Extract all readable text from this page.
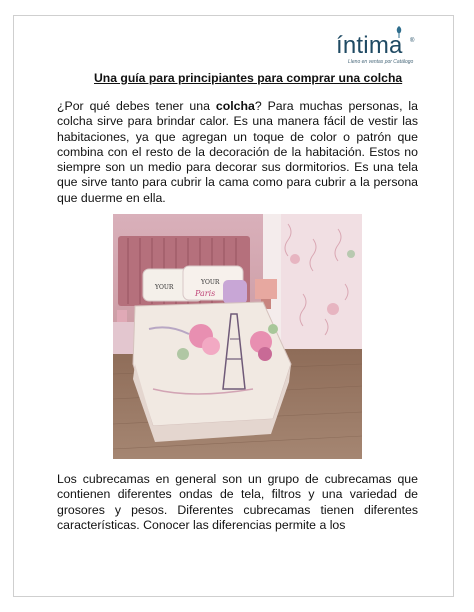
íntima ®
Lleno en ventas por Catálogo
Una guía para principiantes para comprar una colcha

¿Por qué debes tener una colcha? Para muchas personas, la colcha sirve para brindar calor. Es una manera fácil de vestir las habitaciones, ya que agregan un toque de color o patrón que combina con el resto de la decoración de la habitación. Estos no siempre son un medio para decorar sus dormitorios. Es una tela que sirve tanto para cubrir la cama como para cubrir a la persona que duerme en ella.

YOUR
Paris
YOUR

Los cubrecamas en general son un grupo de cubrecamas que contienen diferentes ondas de tela, filtros y una variedad de grosores y pesos. Diferentes cubrecamas tienen diferentes características. Conocer las diferencias permite a los
